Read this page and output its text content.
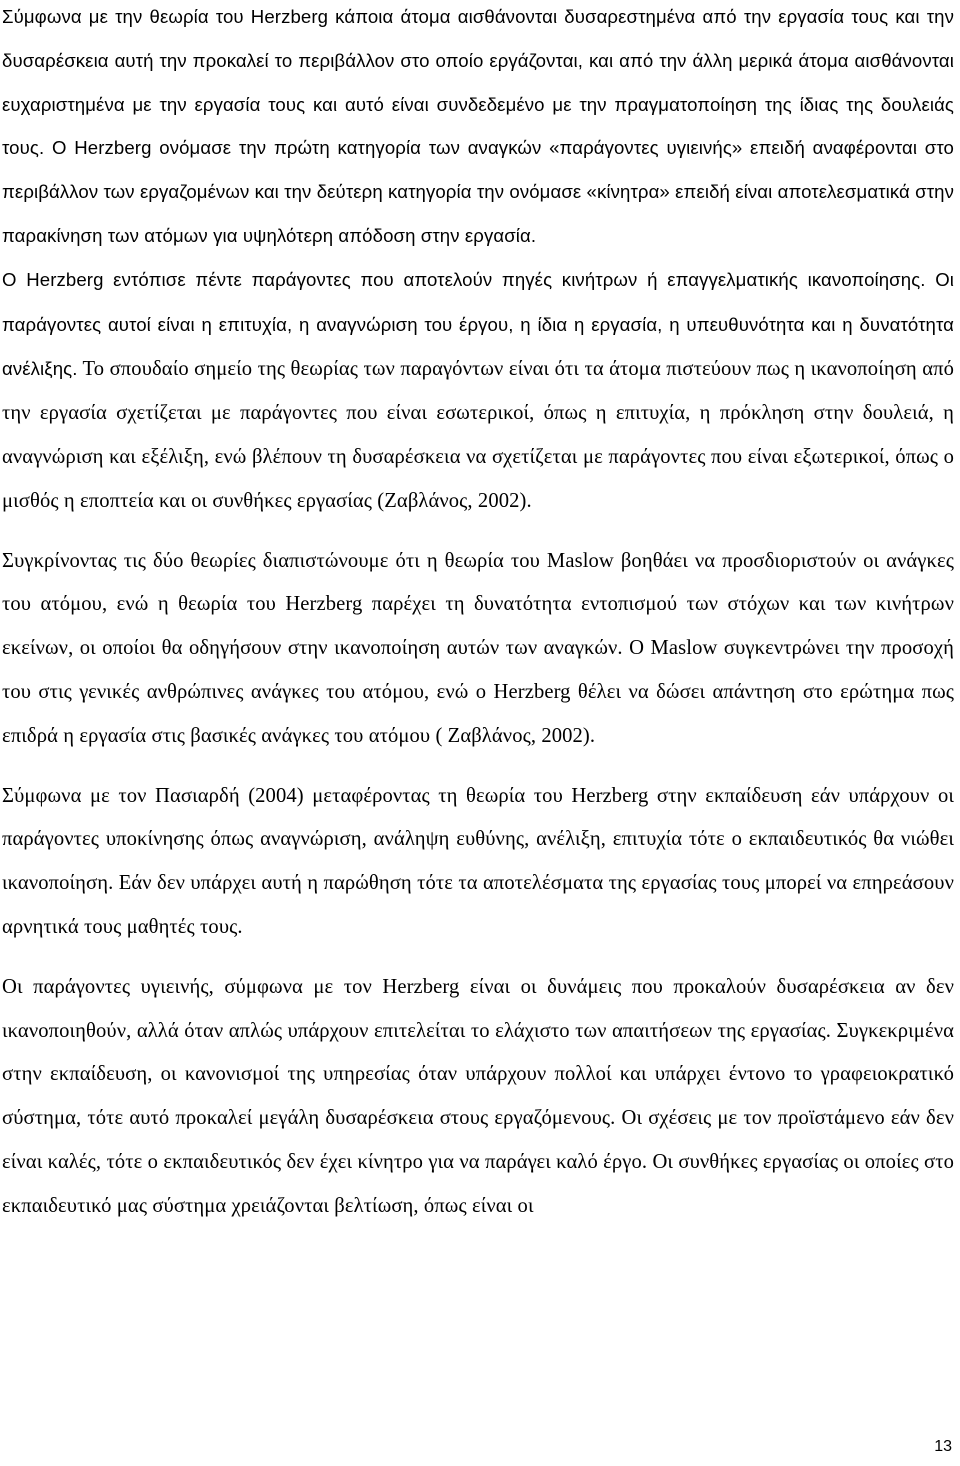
Σύμφωνα με την θεωρία του Herzberg κάποια άτομα αισθάνονται δυσαρεστημένα από την εργασία τους και την δυσαρέσκεια αυτή την προκαλεί το περιβάλλον στο οποίο εργάζονται, και από την άλλη μερικά άτομα αισθάνονται ευχαριστημένα με την εργασία τους και αυτό είναι συνδεδεμένο με την πραγματοποίηση της ίδιας της δουλειάς τους. Ο Herzberg ονόμασε την πρώτη κατηγορία των αναγκών «παράγοντες υγιεινής» επειδή αναφέρονται στο περιβάλλον των εργαζομένων και την δεύτερη κατηγορία την ονόμασε «κίνητρα» επειδή είναι αποτελεσματικά στην παρακίνηση των ατόμων για υψηλότερη απόδοση στην εργασία.

Ο Herzberg εντόπισε πέντε παράγοντες που αποτελούν πηγές κινήτρων ή επαγγελματικής ικανοποίησης. Οι παράγοντες αυτοί είναι η επιτυχία, η αναγνώριση του έργου, η ίδια η εργασία, η υπευθυνότητα και η δυνατότητα ανέλιξης. Το σπουδαίο σημείο της θεωρίας των παραγόντων είναι ότι τα άτομα πιστεύουν πως η ικανοποίηση από την εργασία σχετίζεται με παράγοντες που είναι εσωτερικοί, όπως η επιτυχία, η πρόκληση στην δουλειά, η αναγνώριση και εξέλιξη, ενώ βλέπουν τη δυσαρέσκεια να σχετίζεται με παράγοντες που είναι εξωτερικοί, όπως ο μισθός η εποπτεία και οι συνθήκες εργασίας (Ζαβλάνος, 2002).

Συγκρίνοντας τις δύο θεωρίες διαπιστώνουμε ότι η θεωρία του Maslow βοηθάει να προσδιοριστούν οι ανάγκες του ατόμου, ενώ η θεωρία του Herzberg παρέχει τη δυνατότητα εντοπισμού των στόχων και των κινήτρων εκείνων, οι οποίοι θα οδηγήσουν στην ικανοποίηση αυτών των αναγκών. Ο Maslow συγκεντρώνει την προσοχή του στις γενικές ανθρώπινες ανάγκες του ατόμου, ενώ ο Herzberg θέλει να δώσει απάντηση στο ερώτημα πως επιδρά η εργασία στις βασικές ανάγκες του ατόμου ( Ζαβλάνος, 2002).

Σύμφωνα με τον Πασιαρδή (2004) μεταφέροντας τη θεωρία του Herzberg στην εκπαίδευση εάν υπάρχουν οι παράγοντες υποκίνησης όπως αναγνώριση, ανάληψη ευθύνης, ανέλιξη, επιτυχία τότε ο εκπαιδευτικός θα νιώθει ικανοποίηση. Εάν δεν υπάρχει αυτή η παρώθηση τότε τα αποτελέσματα της εργασίας τους μπορεί να επηρεάσουν αρνητικά τους μαθητές τους.

Οι παράγοντες υγιεινής, σύμφωνα με τον Herzberg είναι οι δυνάμεις που προκαλούν δυσαρέσκεια αν δεν ικανοποιηθούν, αλλά όταν απλώς υπάρχουν επιτελείται το ελάχιστο των απαιτήσεων της εργασίας. Συγκεκριμένα στην εκπαίδευση, οι κανονισμοί της υπηρεσίας όταν υπάρχουν πολλοί και υπάρχει έντονο το γραφειοκρατικό σύστημα, τότε αυτό προκαλεί μεγάλη δυσαρέσκεια στους εργαζόμενους. Οι σχέσεις με τον προϊστάμενο εάν δεν είναι καλές, τότε ο εκπαιδευτικός δεν έχει κίνητρο για να παράγει καλό έργο. Οι συνθήκες εργασίας οι οποίες στο εκπαιδευτικό μας σύστημα χρειάζονται βελτίωση, όπως είναι οι

13
